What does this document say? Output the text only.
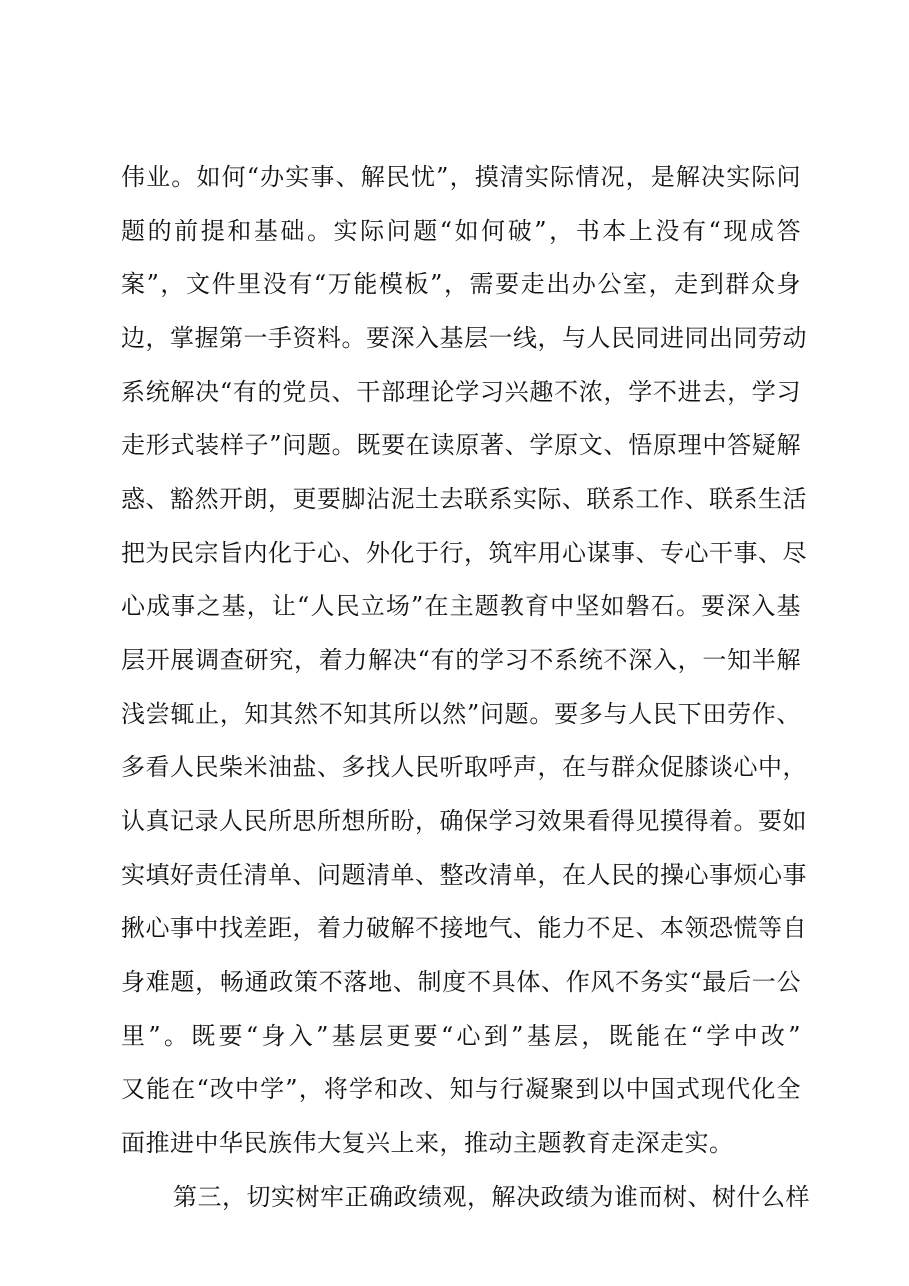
伟业。如何“办实事、解民忧”，摸清实际情况，是解决实际问
题的前提和基础。实际问题“如何破”，书本上没有“现成答
案”，文件里没有“万能模板”，需要走出办公室，走到群众身
边，掌握第一手资料。要深入基层一线，与人民同进同出同劳动
系统解决“有的党员、干部理论学习兴趣不浓，学不进去，学习
走形式装样子”问题。既要在读原著、学原文、悟原理中答疑解
惑、豁然开朗，更要脚沾泥土去联系实际、联系工作、联系生活
把为民宗旨内化于心、外化于行，筑牢用心谋事、专心干事、尽
心成事之基，让“人民立场”在主题教育中坚如磐石。要深入基
层开展调查研究，着力解决“有的学习不系统不深入，一知半解
浅尝辄止，知其然不知其所以然”问题。要多与人民下田劳作、
多看人民柴米油盐、多找人民听取呼声，在与群众促膝谈心中，
认真记录人民所思所想所盼，确保学习效果看得见摸得着。要如
实填好责任清单、问题清单、整改清单，在人民的操心事烦心事
揪心事中找差距，着力破解不接地气、能力不足、本领恐慌等自
身难题，畅通政策不落地、制度不具体、作风不务实“最后一公
里”。既要“身入”基层更要“心到”基层，既能在“学中改”
又能在“改中学”，将学和改、知与行凝聚到以中国式现代化全
面推进中华民族伟大复兴上来，推动主题教育走深走实。
第三，切实树牢正确政绩观，解决政绩为谁而树、树什么样
